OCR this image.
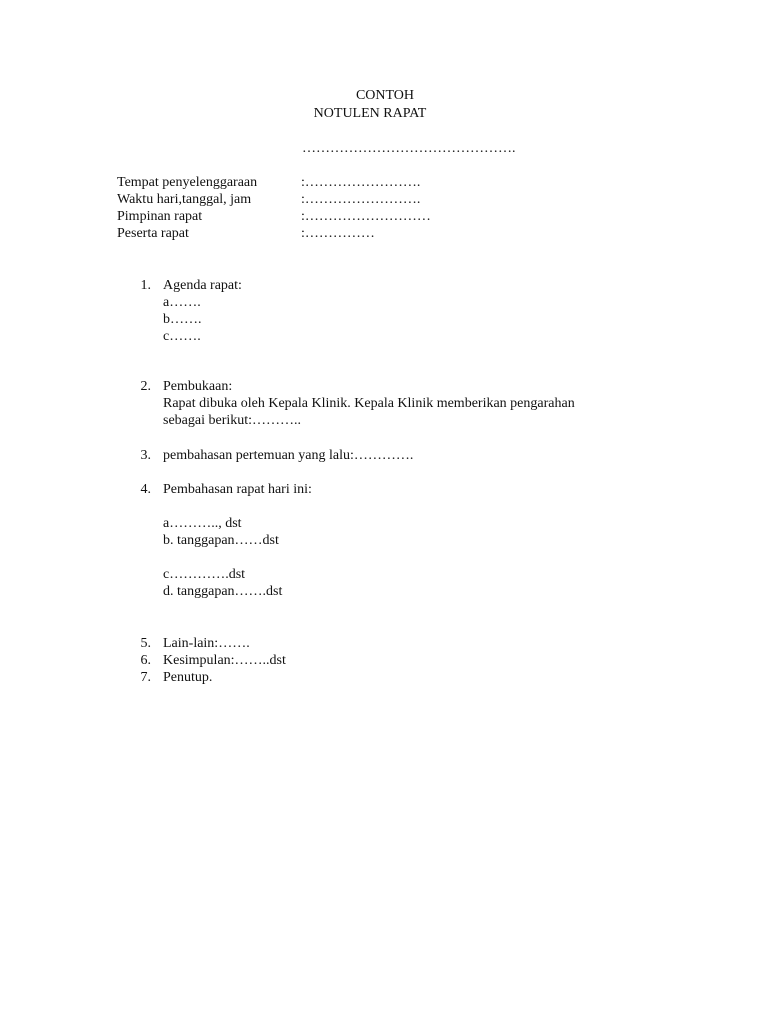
CONTOH
NOTULEN RAPAT
……………………………………….
Tempat penyelenggaraan	:…………………….
Waktu hari,tanggal, jam	:…………………….
Pimpinan rapat	:………………………
Peserta rapat	:……………
1. Agenda rapat:
a…….
b…….
c…….
2. Pembukaan:
Rapat dibuka oleh Kepala Klinik. Kepala Klinik memberikan pengarahan
sebagai berikut:………..
3. pembahasan pertemuan yang lalu:………….
4. Pembahasan rapat hari ini:
a……….., dst
b. tanggapan……dst
c………….dst
d. tanggapan…….dst
5. Lain-lain:…….
6. Kesimpulan:……..dst
7. Penutup.
